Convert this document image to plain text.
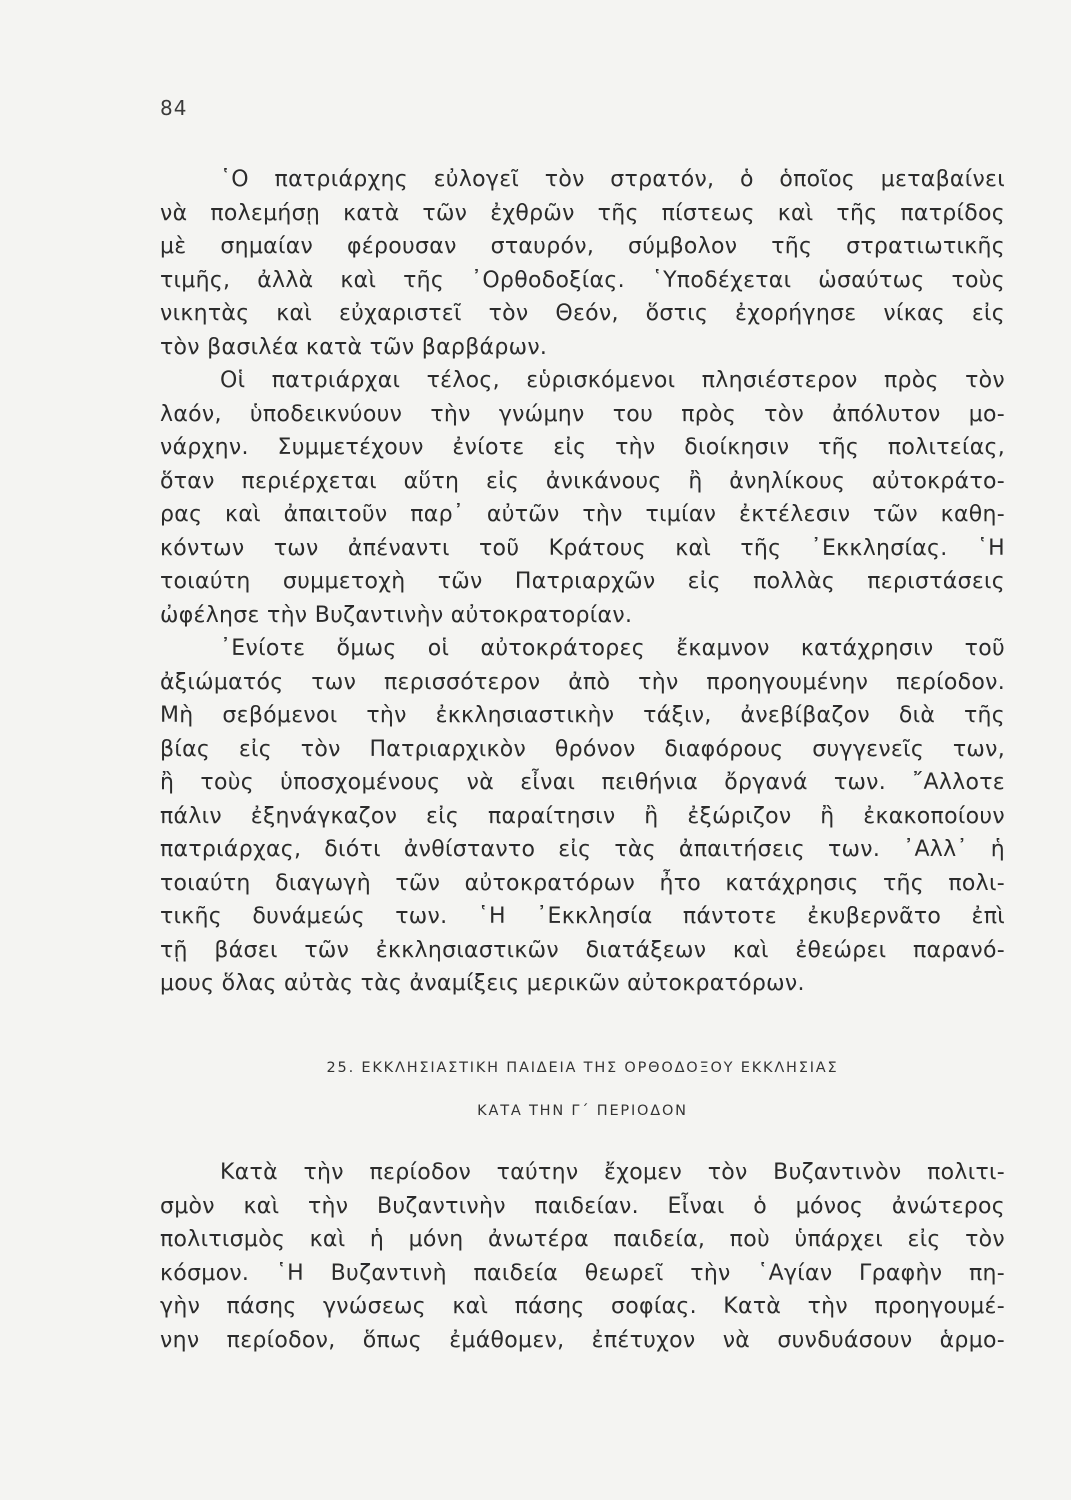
84
῾Ο πατριάρχης εὐλογεῖ τὸν στρατόν, ὁ ὁποῖος μεταβαίνει
νὰ πολεμήσῃ κατὰ τῶν ἐχθρῶν τῆς πίστεως καὶ τῆς πατρίδος
μὲ σημαίαν φέρουσαν σταυρόν, σύμβολον τῆς στρατιωτικῆς
τιμῆς, ἀλλὰ καὶ τῆς ᾿Ορθοδοξίας. ῾Υποδέχεται ὡσαύτως τοὺς
νικητὰς καὶ εὐχαριστεῖ τὸν Θεόν, ὅστις ἐχορήγησε νίκας εἰς
τὸν βασιλέα κατὰ τῶν βαρβάρων.
Οἱ πατριάρχαι τέλος, εὑρισκόμενοι πλησιέστερον πρὸς τὸν
λαόν, ὑποδεικνύουν τὴν γνώμην του πρὸς τὸν ἀπόλυτον μο-
νάρχην. Συμμετέχουν ἐνίοτε εἰς τὴν διοίκησιν τῆς πολιτείας,
ὅταν περιέρχεται αὕτη εἰς ἀνικάνους ἢ ἀνηλίκους αὐτοκράτο-
ρας καὶ ἀπαιτοῦν παρ᾿ αὐτῶν τὴν τιμίαν ἐκτέλεσιν τῶν καθη-
κόντων των ἀπέναντι τοῦ Κράτους καὶ τῆς ᾿Εκκλησίας. ῾Η
τοιαύτη συμμετοχὴ τῶν Πατριαρχῶν εἰς πολλὰς περιστάσεις
ὠφέλησε τὴν Βυζαντινὴν αὐτοκρατορίαν.
᾿Ενίοτε ὅμως οἱ αὐτοκράτορες ἔκαμνον κατάχρησιν τοῦ
ἀξιώματός των περισσότερον ἀπὸ τὴν προηγουμένην περίοδον.
Μὴ σεβόμενοι τὴν ἐκκλησιαστικὴν τάξιν, ἀνεβίβαζον διὰ τῆς
βίας εἰς τὸν Πατριαρχικὸν θρόνον διαφόρους συγγενεῖς των,
ἢ τοὺς ὑποσχομένους νὰ εἶναι πειθήνια ὄργανά των. ῎Αλλοτε
πάλιν ἐξηνάγκαζον εἰς παραίτησιν ἢ ἐξώριζον ἢ ἐκακοποίουν
πατριάρχας, διότι ἀνθίσταντο εἰς τὰς ἀπαιτήσεις των. ᾿Αλλ᾿ ἡ
τοιαύτη διαγωγὴ τῶν αὐτοκρατόρων ἦτο κατάχρησις τῆς πολι-
τικῆς δυνάμεώς των. ῾Η ᾿Εκκλησία πάντοτε ἐκυβερνᾶτο ἐπὶ
τῇ βάσει τῶν ἐκκλησιαστικῶν διατάξεων καὶ ἐθεώρει παρανό-
μους ὅλας αὐτὰς τὰς ἀναμίξεις μερικῶν αὐτοκρατόρων.
25. ΕΚΚΛΗΣΙΑΣΤΙΚΗ ΠΑΙΔΕΙΑ ΤΗΣ ΟΡΘΟΔΟΞΟΥ ΕΚΚΛΗΣΙΑΣ
ΚΑΤΑ ΤΗΝ Γ΄ ΠΕΡΙΟΔΟΝ
Κατὰ τὴν περίοδον ταύτην ἔχομεν τὸν Βυζαντινὸν πολιτι-
σμὸν καὶ τὴν Βυζαντινὴν παιδείαν. Εἶναι ὁ μόνος ἀνώτερος
πολιτισμὸς καὶ ἡ μόνη ἀνωτέρα παιδεία, ποὺ ὑπάρχει εἰς τὸν
κόσμον. ῾Η Βυζαντινὴ παιδεία θεωρεῖ τὴν ῾Αγίαν Γραφὴν πη-
γὴν πάσης γνώσεως καὶ πάσης σοφίας. Κατὰ τὴν προηγουμέ-
νην περίοδον, ὅπως ἐμάθομεν, ἐπέτυχον νὰ συνδυάσουν ἁρμο-
